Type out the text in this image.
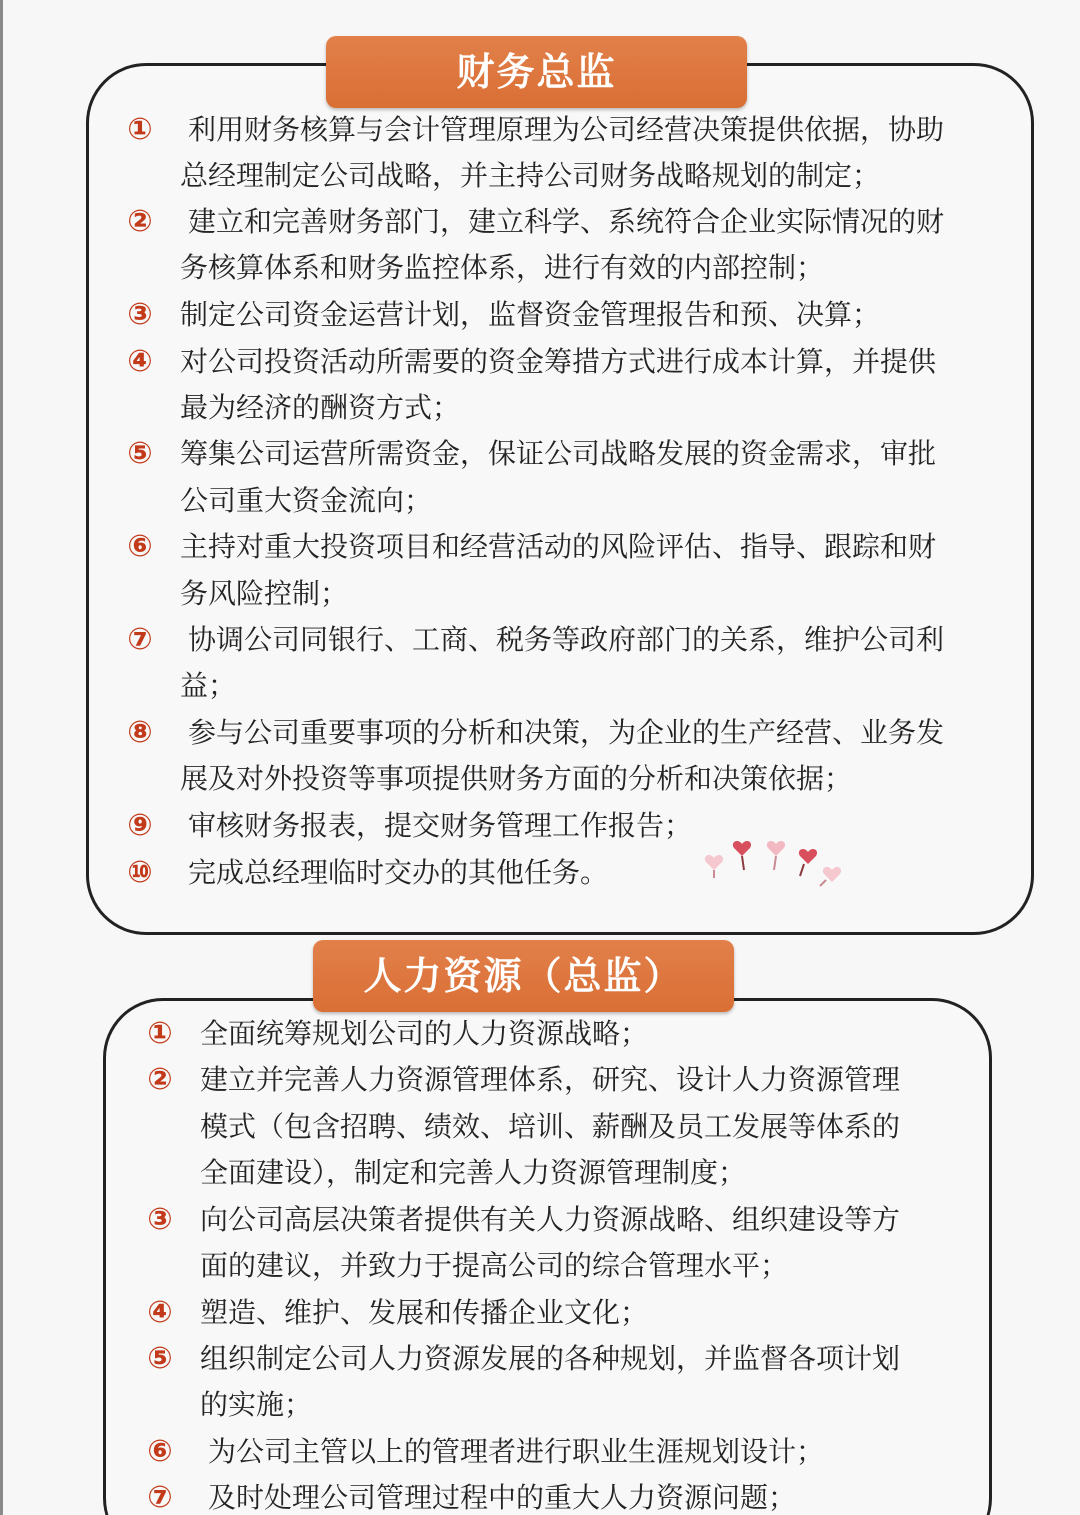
财务总监
① 利用财务核算与会计管理原理为公司经营决策提供依据，协助
总经理制定公司战略，并主持公司财务战略规划的制定；
② 建立和完善财务部门，建立科学、系统符合企业实际情况的财
务核算体系和财务监控体系，进行有效的内部控制；
③ 制定公司资金运营计划，监督资金管理报告和预、决算；
④ 对公司投资活动所需要的资金筹措方式进行成本计算，并提供
最为经济的酬资方式；
⑤ 筹集公司运营所需资金，保证公司战略发展的资金需求，审批
公司重大资金流向；
⑥ 主持对重大投资项目和经营活动的风险评估、指导、跟踪和财
务风险控制；
⑦ 协调公司同银行、工商、税务等政府部门的关系，维护公司利
益；
⑧ 参与公司重要事项的分析和决策，为企业的生产经营、业务发
展及对外投资等事项提供财务方面的分析和决策依据；
⑨ 审核财务报表，提交财务管理工作报告；
⑩ 完成总经理临时交办的其他任务。
人力资源（总监）
① 全面统筹规划公司的人力资源战略；
② 建立并完善人力资源管理体系，研究、设计人力资源管理
模式（包含招聘、绩效、培训、薪酬及员工发展等体系的
全面建设），制定和完善人力资源管理制度；
③ 向公司高层决策者提供有关人力资源战略、组织建设等方
面的建议，并致力于提高公司的综合管理水平；
④ 塑造、维护、发展和传播企业文化；
⑤ 组织制定公司人力资源发展的各种规划，并监督各项计划
的实施；
⑥ 为公司主管以上的管理者进行职业生涯规划设计；
⑦ 及时处理公司管理过程中的重大人力资源问题；
